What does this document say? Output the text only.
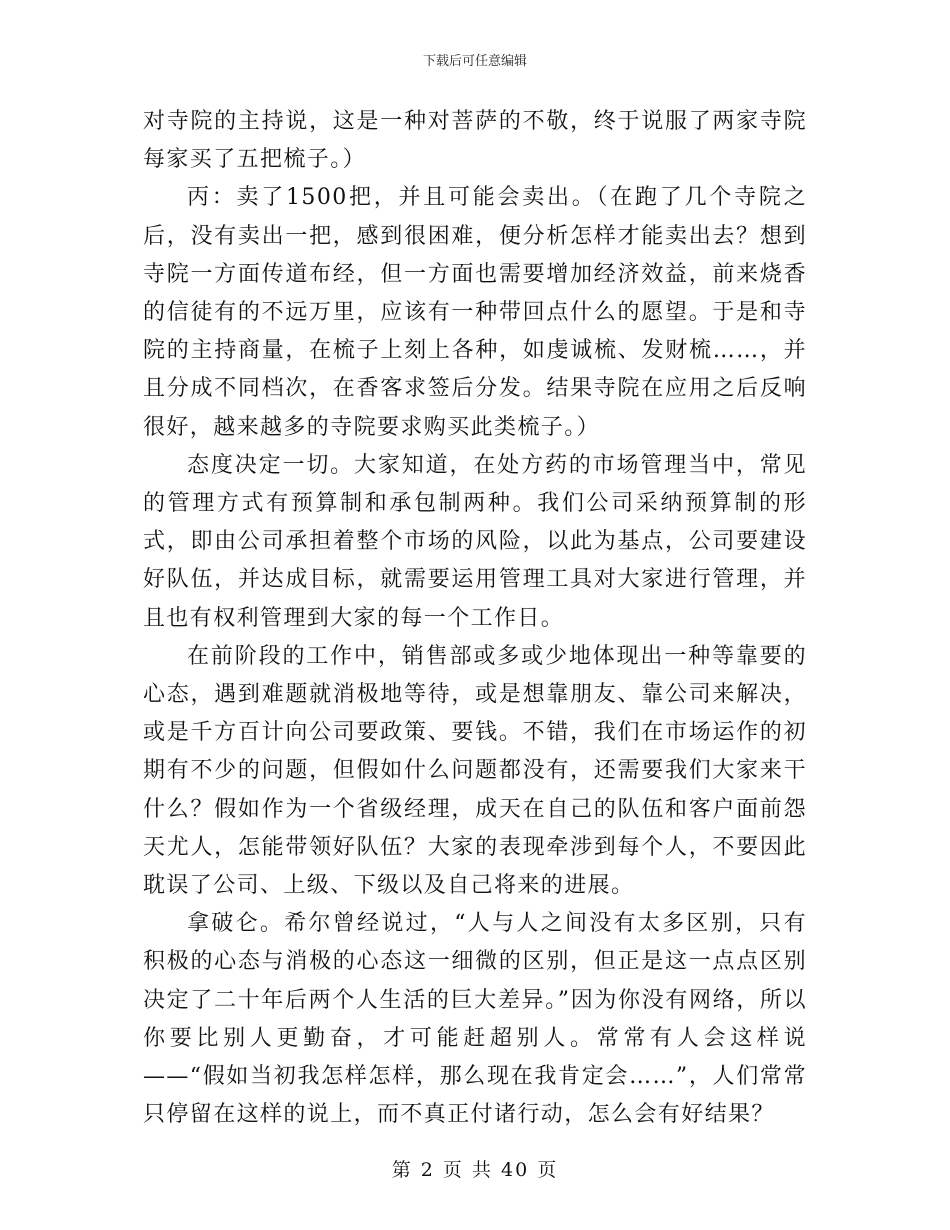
下载后可任意编辑

对寺院的主持说，这是一种对菩萨的不敬，终于说服了两家寺院每家买了五把梳子。）

丙：卖了1500把，并且可能会卖出。（在跑了几个寺院之后，没有卖出一把，感到很困难，便分析怎样才能卖出去？想到寺院一方面传道布经，但一方面也需要增加经济效益，前来烧香的信徒有的不远万里，应该有一种带回点什么的愿望。于是和寺院的主持商量，在梳子上刻上各种，如虔诚梳、发财梳……，并且分成不同档次，在香客求签后分发。结果寺院在应用之后反响很好，越来越多的寺院要求购买此类梳子。）

态度决定一切。大家知道，在处方药的市场管理当中，常见的管理方式有预算制和承包制两种。我们公司采纳预算制的形式，即由公司承担着整个市场的风险，以此为基点，公司要建设好队伍，并达成目标，就需要运用管理工具对大家进行管理，并且也有权利管理到大家的每一个工作日。

在前阶段的工作中，销售部或多或少地体现出一种等靠要的心态，遇到难题就消极地等待，或是想靠朋友、靠公司来解决，或是千方百计向公司要政策、要钱。不错，我们在市场运作的初期有不少的问题，但假如什么问题都没有，还需要我们大家来干什么？假如作为一个省级经理，成天在自己的队伍和客户面前怨天尤人，怎能带领好队伍？大家的表现牵涉到每个人，不要因此耽误了公司、上级、下级以及自己将来的进展。

拿破仑。希尔曾经说过，“人与人之间没有太多区别，只有积极的心态与消极的心态这一细微的区别，但正是这一点点区别决定了二十年后两个人生活的巨大差异。”因为你没有网络，所以你要比别人更勤奋，才可能赶超别人。常常有人会这样说——“假如当初我怎样怎样，那么现在我肯定会……”，人们常常只停留在这样的说上，而不真正付诸行动，怎么会有好结果？

第 2 页 共 40 页
